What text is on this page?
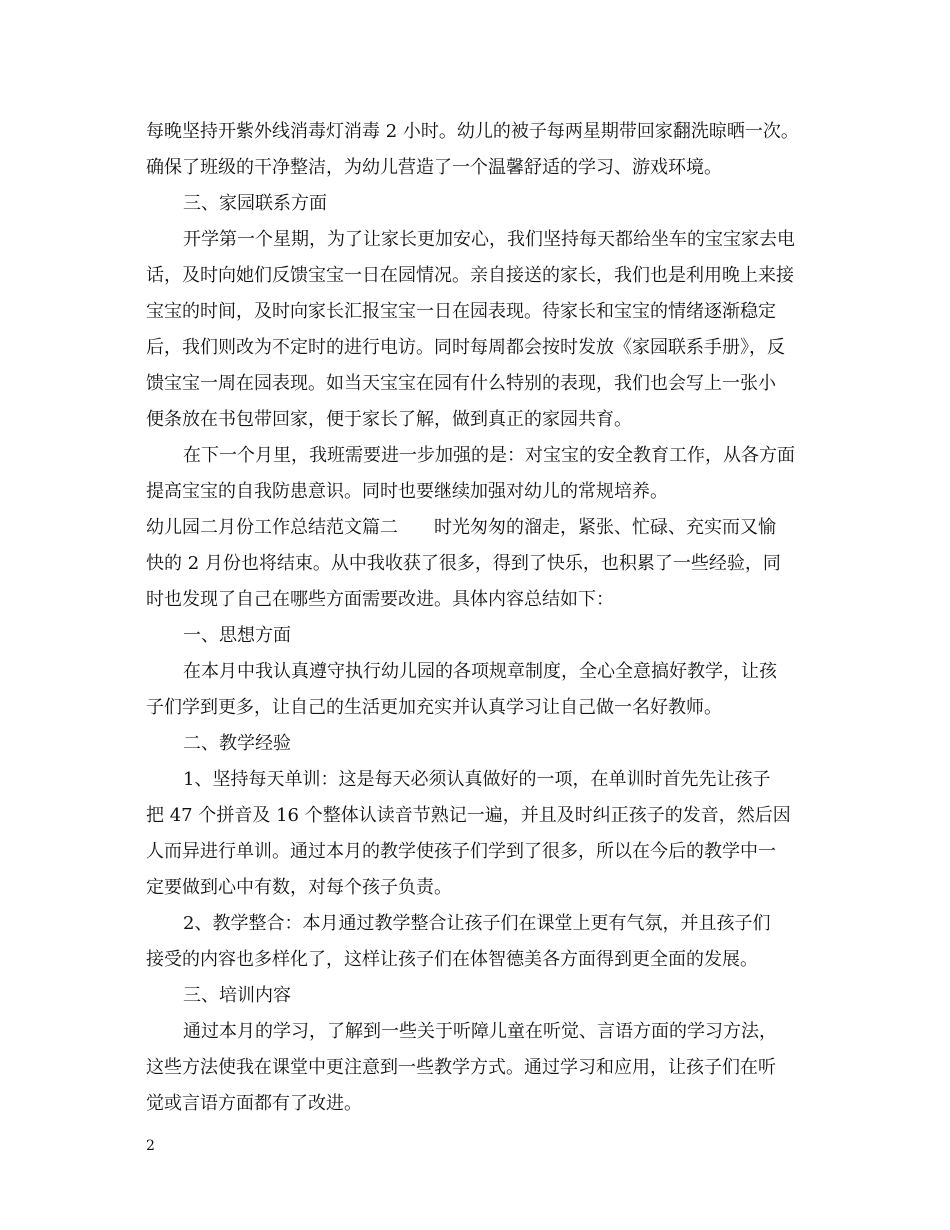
每晚坚持开紫外线消毒灯消毒 2 小时。幼儿的被子每两星期带回家翻洗晾晒一次。
确保了班级的干净整洁，为幼儿营造了一个温馨舒适的学习、游戏环境。
三、家园联系方面
开学第一个星期，为了让家长更加安心，我们坚持每天都给坐车的宝宝家去电
话，及时向她们反馈宝宝一日在园情况。亲自接送的家长，我们也是利用晚上来接
宝宝的时间，及时向家长汇报宝宝一日在园表现。待家长和宝宝的情绪逐渐稳定
后，我们则改为不定时的进行电访。同时每周都会按时发放《家园联系手册》，反
馈宝宝一周在园表现。如当天宝宝在园有什么特别的表现，我们也会写上一张小
便条放在书包带回家，便于家长了解，做到真正的家园共育。
在下一个月里，我班需要进一步加强的是：对宝宝的安全教育工作，从各方面
提高宝宝的自我防患意识。同时也要继续加强对幼儿的常规培养。
幼儿园二月份工作总结范文篇二 时光匆匆的溜走，紧张、忙碌、充实而又愉
快的 2 月份也将结束。从中我收获了很多，得到了快乐，也积累了一些经验，同
时也发现了自己在哪些方面需要改进。具体内容总结如下：
一、思想方面
在本月中我认真遵守执行幼儿园的各项规章制度，全心全意搞好教学，让孩
子们学到更多，让自己的生活更加充实并认真学习让自己做一名好教师。
二、教学经验
1、坚持每天单训：这是每天必须认真做好的一项，在单训时首先先让孩子
把 47 个拼音及 16 个整体认读音节熟记一遍，并且及时纠正孩子的发音，然后因
人而异进行单训。通过本月的教学使孩子们学到了很多，所以在今后的教学中一
定要做到心中有数，对每个孩子负责。
2、教学整合：本月通过教学整合让孩子们在课堂上更有气氛，并且孩子们
接受的内容也多样化了，这样让孩子们在体智德美各方面得到更全面的发展。
三、培训内容
通过本月的学习，了解到一些关于听障儿童在听觉、言语方面的学习方法，
这些方法使我在课堂中更注意到一些教学方式。通过学习和应用，让孩子们在听
觉或言语方面都有了改进。
2
